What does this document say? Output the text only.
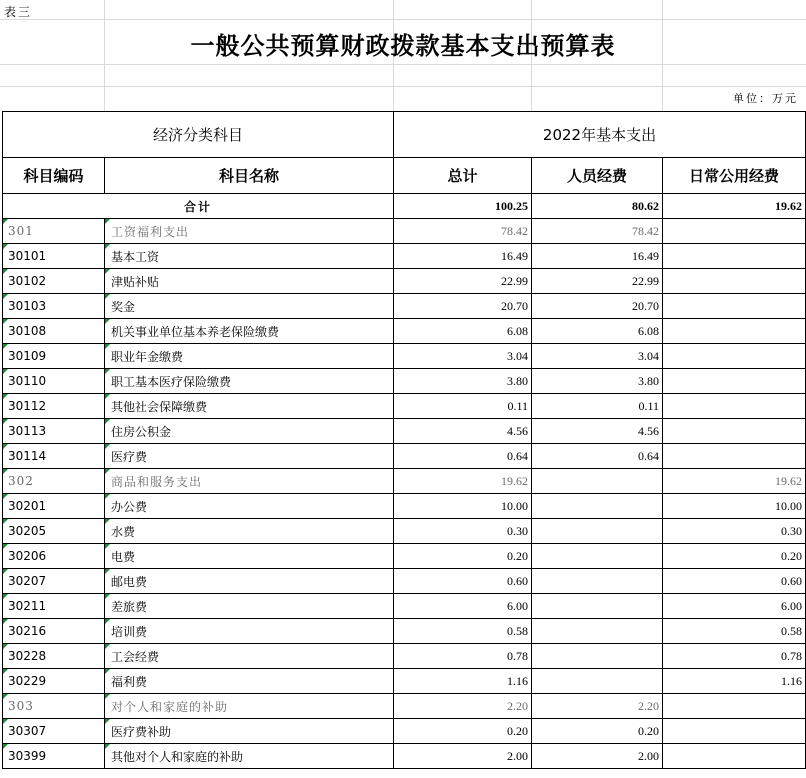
表三
一般公共预算财政拨款基本支出预算表
单位：万元
经济分类科目		2022年基本支出		
科目编码	科目名称	总计	人员经费	日常公用经费
合计		100.25	80.62	19.62

301	工资福利支出	78.42	78.42	

30101	基本工资	16.49	16.49	

30102	津贴补贴	22.99	22.99	

30103	奖金	20.70	20.70	

30108	机关事业单位基本养老保险缴费	6.08	6.08	

30109	职业年金缴费	3.04	3.04	

30110	职工基本医疗保险缴费	3.80	3.80	

30112	其他社会保障缴费	0.11	0.11	

30113	住房公积金	4.56	4.56	

30114	医疗费	0.64	0.64	

302	商品和服务支出	19.62		19.62

30201	办公费	10.00		10.00

30205	水费	0.30		0.30

30206	电费	0.20		0.20

30207	邮电费	0.60		0.60

30211	差旅费	6.00		6.00

30216	培训费	0.58		0.58

30228	工会经费	0.78		0.78

30229	福利费	1.16		1.16

303	对个人和家庭的补助	2.20	2.20	

30307	医疗费补助	0.20	0.20	

30399	其他对个人和家庭的补助	2.00	2.00	
